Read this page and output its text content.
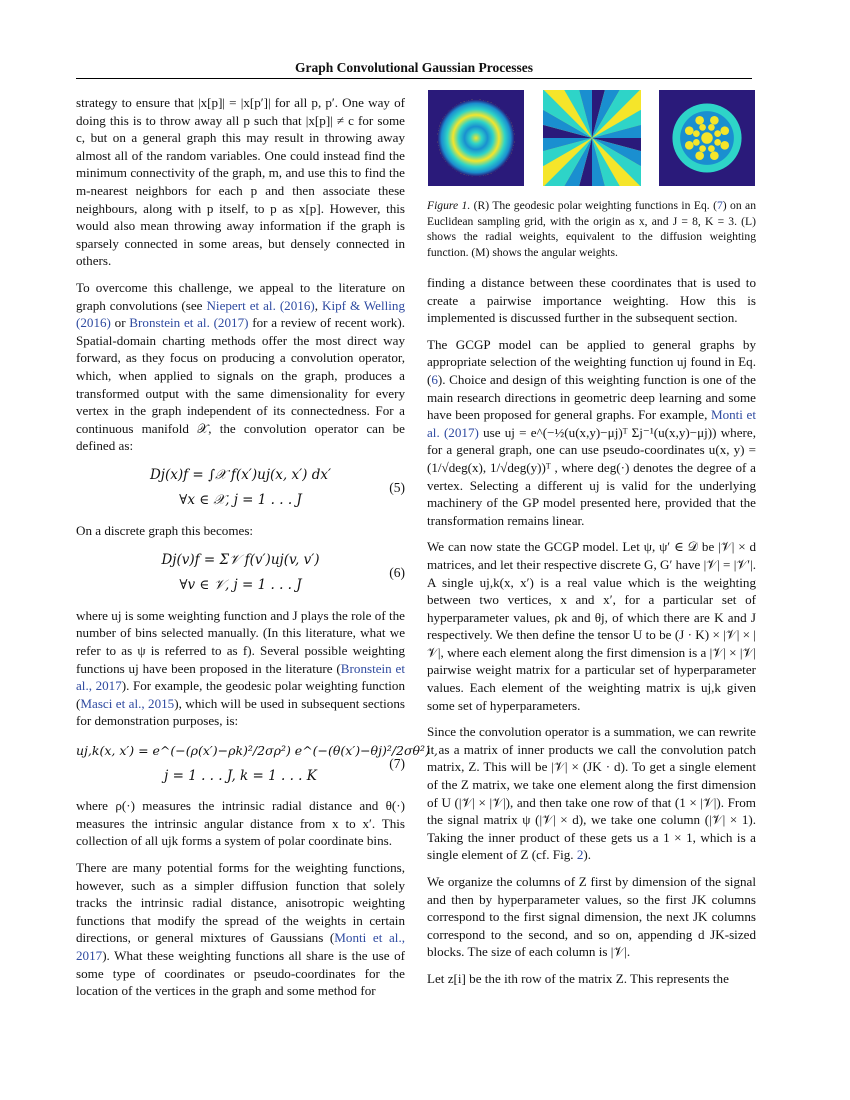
Graph Convolutional Gaussian Processes

strategy to ensure that |x[p]| = |x[p′]| for all p, p′. One way of doing this is to throw away all p such that |x[p]| ≠ c for some c, but on a general graph this may result in throwing away almost all of the random variables. One could instead find the minimum connectivity of the graph, m, and use this to find the m-nearest neighbors for each p and then associate these neighbours, along with p itself, to p as x[p]. However, this would also mean throwing away information if the graph is sparsely connected in some areas, but densely connected in others.

To overcome this challenge, we appeal to the literature on graph convolutions (see Niepert et al. (2016), Kipf & Welling (2016) or Bronstein et al. (2017) for a review of recent work). Spatial-domain charting methods offer the most direct way forward, as they focus on producing a convolution operator, which, when applied to signals on the graph, produces a transformed output with the same dimensionality for every vertex in the graph independent of its connectedness. For a continuous manifold 𝒳, the convolution operator can be defined as:

Dj(x)f = ∫𝒳 f(x′)uj(x, x′) dx′
∀x ∈ 𝒳, j = 1 . . . J
(5)

On a discrete graph this becomes:

Dj(v)f = Σ𝒱 f(v′)uj(v, v′)
∀v ∈ 𝒱, j = 1 . . . J
(6)

where uj is some weighting function and J plays the role of the number of bins selected manually. (In this literature, what we refer to as ψ is referred to as f). Several possible weighting functions uj have been proposed in the literature (Bronstein et al., 2017). For example, the geodesic polar weighting function (Masci et al., 2015), which will be used in subsequent sections for demonstration purposes, is:

uj,k(x, x′) = e^(−(ρ(x′)−ρk)²/2σρ²) e^(−(θ(x′)−θj)²/2σθ²) ,
j = 1 . . . J, k = 1 . . . K
(7)

where ρ(·) measures the intrinsic radial distance and θ(·) measures the intrinsic angular distance from x to x′. This collection of all ujk forms a system of polar coordinate bins.

There are many potential forms for the weighting functions, however, such as a simpler diffusion function that solely tracks the intrinsic radial distance, anisotropic weighting functions that modify the spread of the weights in certain directions, or general mixtures of Gaussians (Monti et al., 2017). What these weighting functions all share is the use of some type of coordinates or pseudo-coordinates for the location of the vertices in the graph and some method for

Figure 1. (R) The geodesic polar weighting functions in Eq. (7) on an Euclidean sampling grid, with the origin as x, and J = 8, K = 3. (L) shows the radial weights, equivalent to the diffusion weighting function. (M) shows the angular weights.

finding a distance between these coordinates that is used to create a pairwise importance weighting. How this is implemented is discussed further in the subsequent section.

The GCGP model can be applied to general graphs by appropriate selection of the weighting function uj found in Eq. (6). Choice and design of this weighting function is one of the main research directions in geometric deep learning and some have been proposed for general graphs. For example, Monti et al. (2017) use uj = e^(−½(u(x,y)−μj)ᵀ Σj⁻¹(u(x,y)−μj)) where, for a general graph, one can use pseudo-coordinates u(x, y) = (1/√deg(x), 1/√deg(y))ᵀ , where deg(·) denotes the degree of a vertex. Selecting a different uj is valid for the underlying machinery of the GP model presented here, provided that the transformation remains linear.

We can now state the GCGP model. Let ψ, ψ′ ∈ 𝒟 be |𝒱| × d matrices, and let their respective discrete G, G′ have |𝒱| = |𝒱′|. A single uj,k(x, x′) is a real value which is the weighting between two vertices, x and x′, for a particular set of hyperparameter values, ρk and θj, of which there are K and J respectively. We then define the tensor U to be (J · K) × |𝒱| × |𝒱|, where each element along the first dimension is a |𝒱| × |𝒱| pairwise weight matrix for a particular set of hyperparameter values. Each element of the weighting matrix is uj,k given some set of hyperparameters.

Since the convolution operator is a summation, we can rewrite it as a matrix of inner products we call the convolution patch matrix, Z. This will be |𝒱| × (JK · d). To get a single element of the Z matrix, we take one element along the first dimension of U (|𝒱| × |𝒱|), and then take one row of that (1 × |𝒱|). From the signal matrix ψ (|𝒱| × d), we take one column (|𝒱| × 1). Taking the inner product of these gets us a 1 × 1, which is a single element of Z (cf. Fig. 2).

We organize the columns of Z first by dimension of the signal and then by hyperparameter values, so the first JK columns correspond to the first signal dimension, the next JK columns correspond to the second, and so on, appending d JK-sized blocks. The size of each column is |𝒱|.

Let z[i] be the ith row of the matrix Z. This represents the
